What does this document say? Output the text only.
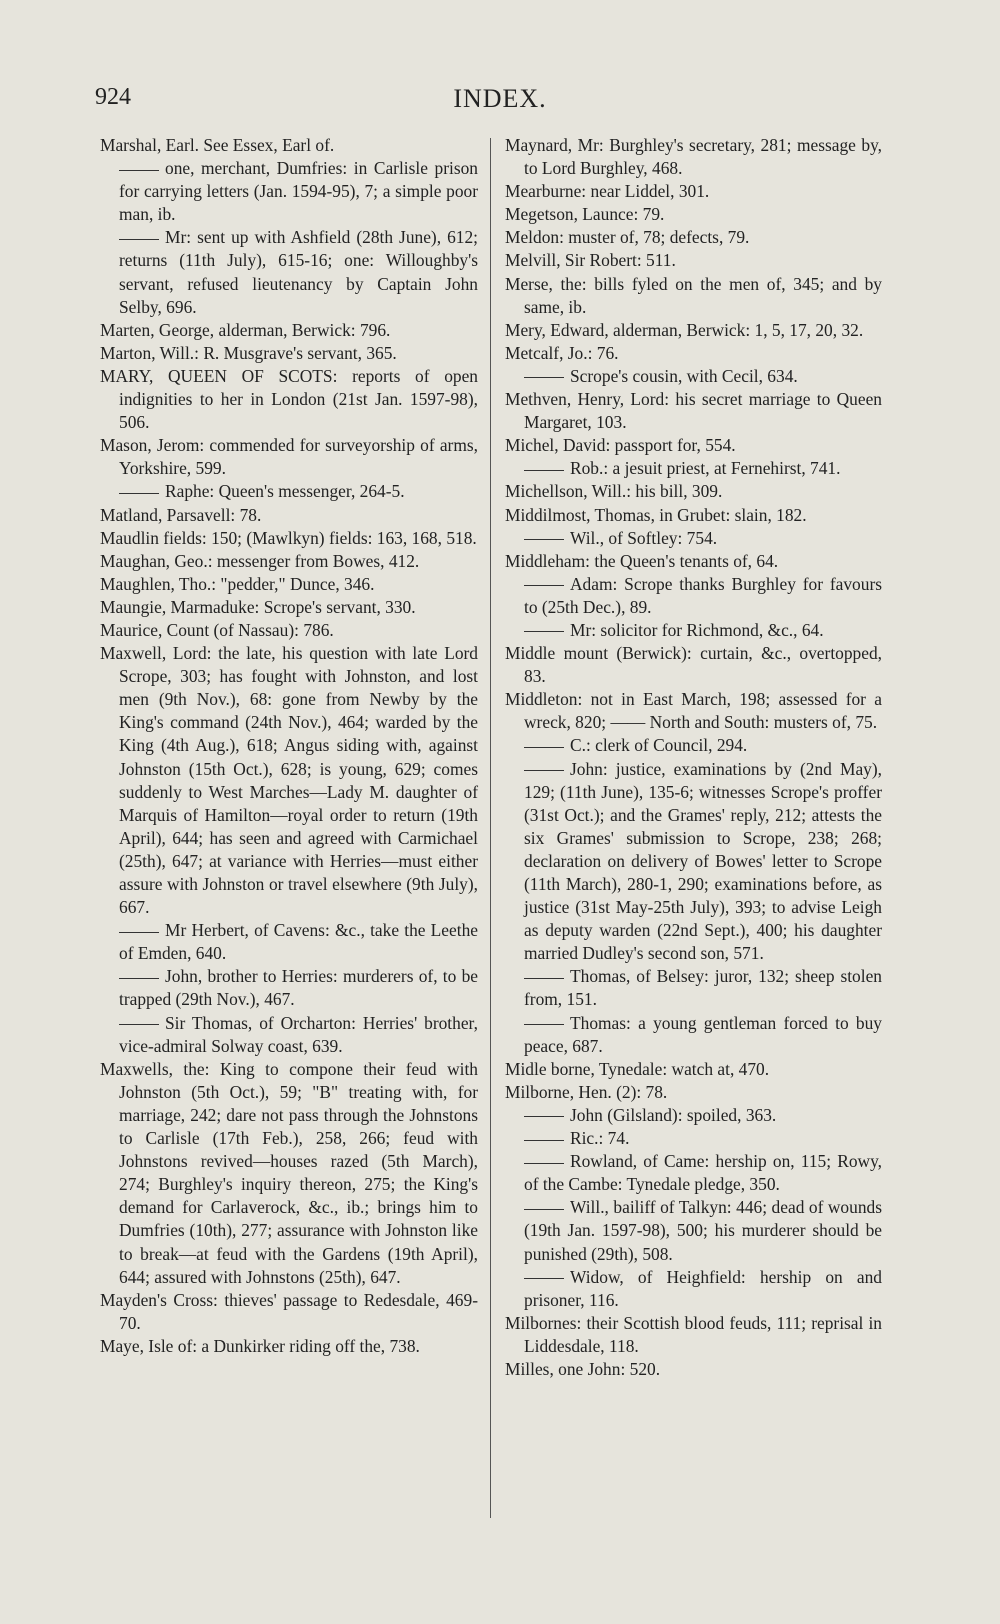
924	INDEX.

Marshal, Earl. See Essex, Earl of.

one, merchant, Dumfries: in Carlisle prison for carrying letters (Jan. 1594-95), 7; a simple poor man, ib.

Mr: sent up with Ashfield (28th June), 612; returns (11th July), 615-16; one: Willoughby's servant, refused lieutenancy by Captain John Selby, 696.

Marten, George, alderman, Berwick: 796.

Marton, Will.: R. Musgrave's servant, 365.

MARY, QUEEN OF SCOTS: reports of open indignities to her in London (21st Jan. 1597-98), 506.

Mason, Jerom: commended for surveyorship of arms, Yorkshire, 599.

Raphe: Queen's messenger, 264-5.

Matland, Parsavell: 78.

Maudlin fields: 150; (Mawlkyn) fields: 163, 168, 518.

Maughan, Geo.: messenger from Bowes, 412.

Maughlen, Tho.: "pedder," Dunce, 346.

Maungie, Marmaduke: Scrope's servant, 330.

Maurice, Count (of Nassau): 786.

Maxwell, Lord: the late, his question with late Lord Scrope, 303; has fought with Johnston, and lost men (9th Nov.), 68: gone from Newby by the King's command (24th Nov.), 464; warded by the King (4th Aug.), 618; Angus siding with, against Johnston (15th Oct.), 628; is young, 629; comes suddenly to West Marches—Lady M. daughter of Marquis of Hamilton—royal order to return (19th April), 644; has seen and agreed with Carmichael (25th), 647; at variance with Herries—must either assure with Johnston or travel elsewhere (9th July), 667.

Mr Herbert, of Cavens: &c., take the Leethe of Emden, 640.

John, brother to Herries: murderers of, to be trapped (29th Nov.), 467.

Sir Thomas, of Orcharton: Herries' brother, vice-admiral Solway coast, 639.

Maxwells, the: King to compone their feud with Johnston (5th Oct.), 59; "B" treating with, for marriage, 242; dare not pass through the Johnstons to Carlisle (17th Feb.), 258, 266; feud with Johnstons revived—houses razed (5th March), 274; Burghley's inquiry thereon, 275; the King's demand for Carlaverock, &c., ib.; brings him to Dumfries (10th), 277; assurance with Johnston like to break—at feud with the Gardens (19th April), 644; assured with Johnstons (25th), 647.

Mayden's Cross: thieves' passage to Redesdale, 469-70.

Maye, Isle of: a Dunkirker riding off the, 738.

Maynard, Mr: Burghley's secretary, 281; message by, to Lord Burghley, 468.

Mearburne: near Liddel, 301.

Megetson, Launce: 79.

Meldon: muster of, 78; defects, 79.

Melvill, Sir Robert: 511.

Merse, the: bills fyled on the men of, 345; and by same, ib.

Mery, Edward, alderman, Berwick: 1, 5, 17, 20, 32.

Metcalf, Jo.: 76.

Scrope's cousin, with Cecil, 634.

Methven, Henry, Lord: his secret marriage to Queen Margaret, 103.

Michel, David: passport for, 554.

Rob.: a jesuit priest, at Fernehirst, 741.

Michellson, Will.: his bill, 309.

Middilmost, Thomas, in Grubet: slain, 182.

Wil., of Softley: 754.

Middleham: the Queen's tenants of, 64.

Adam: Scrope thanks Burghley for favours to (25th Dec.), 89.

Mr: solicitor for Richmond, &c., 64.

Middle mount (Berwick): curtain, &c., overtopped, 83.

Middleton: not in East March, 198; assessed for a wreck, 820; —— North and South: musters of, 75.

C.: clerk of Council, 294.

John: justice, examinations by (2nd May), 129; (11th June), 135-6; witnesses Scrope's proffer (31st Oct.); and the Grames' reply, 212; attests the six Grames' submission to Scrope, 238; 268; declaration on delivery of Bowes' letter to Scrope (11th March), 280-1, 290; examinations before, as justice (31st May-25th July), 393; to advise Leigh as deputy warden (22nd Sept.), 400; his daughter married Dudley's second son, 571.

Thomas, of Belsey: juror, 132; sheep stolen from, 151.

Thomas: a young gentleman forced to buy peace, 687.

Midle borne, Tynedale: watch at, 470.

Milborne, Hen. (2): 78.

John (Gilsland): spoiled, 363.

Ric.: 74.

Rowland, of Came: hership on, 115; Rowy, of the Cambe: Tynedale pledge, 350.

Will., bailiff of Talkyn: 446; dead of wounds (19th Jan. 1597-98), 500; his murderer should be punished (29th), 508.

Widow, of Heighfield: hership on and prisoner, 116.

Milbornes: their Scottish blood feuds, 111; reprisal in Liddesdale, 118.

Milles, one John: 520.
